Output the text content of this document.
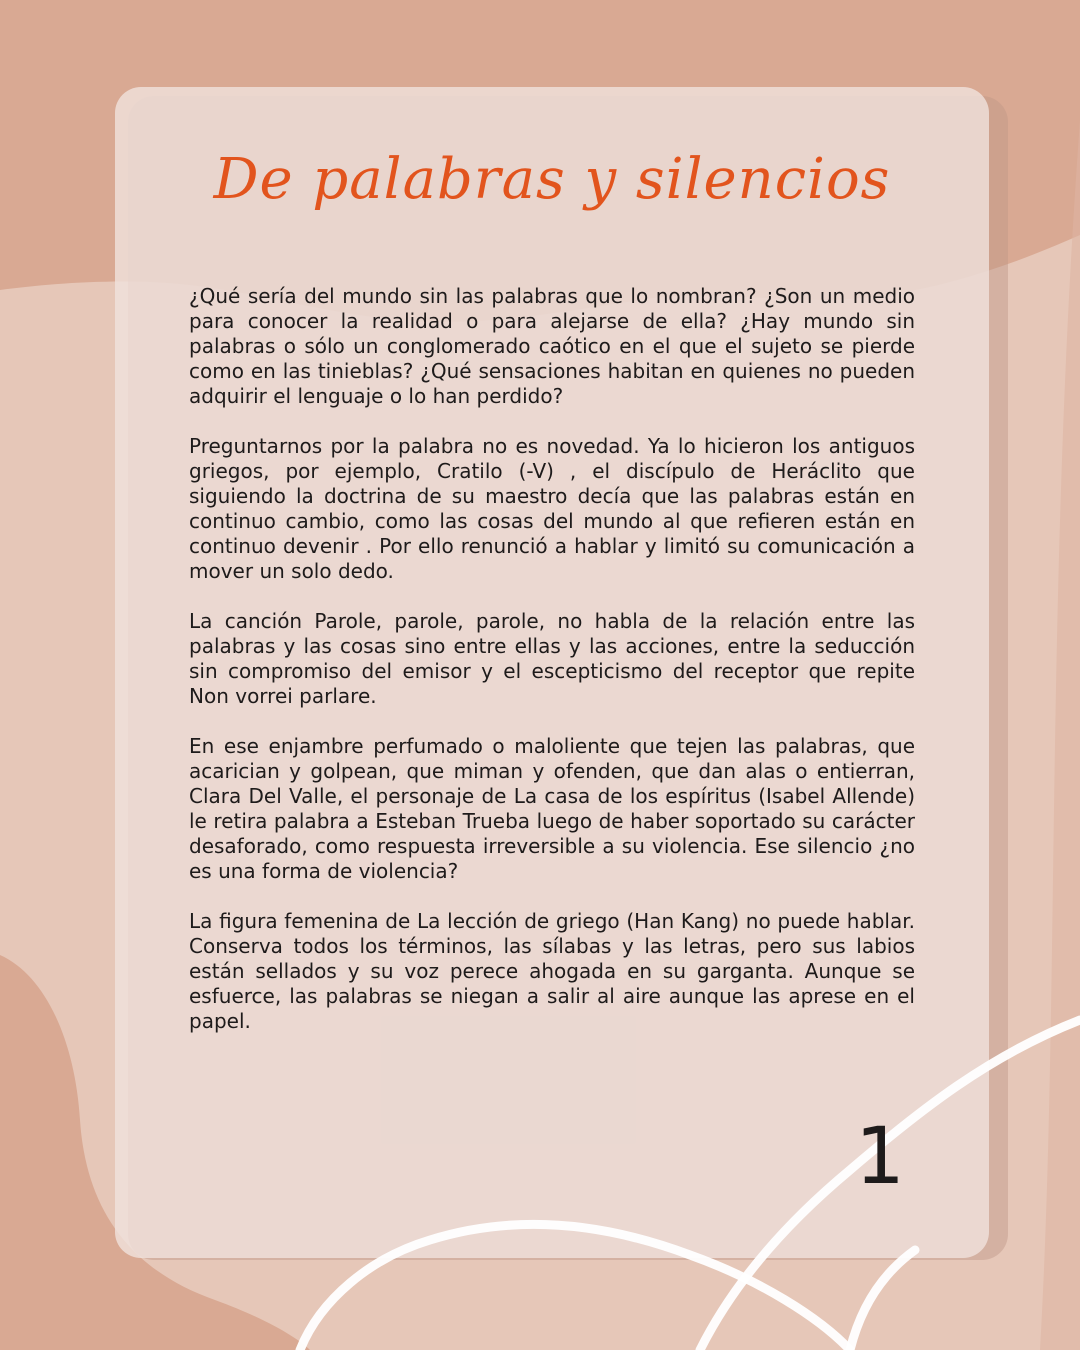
De palabras y silencios

¿Qué sería del mundo sin las palabras que lo nombran? ¿Son un medio para conocer la realidad o para alejarse de ella? ¿Hay mundo sin palabras o sólo un conglomerado caótico en el que el sujeto se pierde como en las tinieblas? ¿Qué sensaciones habitan en quienes no pueden adquirir el lenguaje o lo han perdido?

Preguntarnos por la palabra no es novedad. Ya lo hicieron los antiguos griegos, por ejemplo, Cratilo (-V) , el discípulo de Heráclito que siguiendo la doctrina de su maestro decía que las palabras están en continuo cambio, como las cosas del mundo al que refieren están en continuo devenir . Por ello renunció a hablar y limitó su comunicación a mover un solo dedo.

La canción Parole, parole, parole, no habla de la relación entre las palabras y las cosas sino entre ellas y las acciones, entre la seducción sin compromiso del emisor y el escepticismo del receptor que repite Non vorrei parlare.

En ese enjambre perfumado o maloliente que tejen las palabras, que acarician y golpean, que miman y ofenden, que dan alas o entierran, Clara Del Valle, el personaje de La casa de los espíritus (Isabel Allende) le retira palabra a Esteban Trueba luego de haber soportado su carácter desaforado, como respuesta irreversible a su violencia. Ese silencio ¿no es una forma de violencia?

La figura femenina de La lección de griego (Han Kang) no puede hablar. Conserva todos los términos, las sílabas y las letras, pero sus labios están sellados y su voz perece ahogada en su garganta. Aunque se esfuerce, las palabras se niegan a salir al aire aunque las aprese en el papel.

1
